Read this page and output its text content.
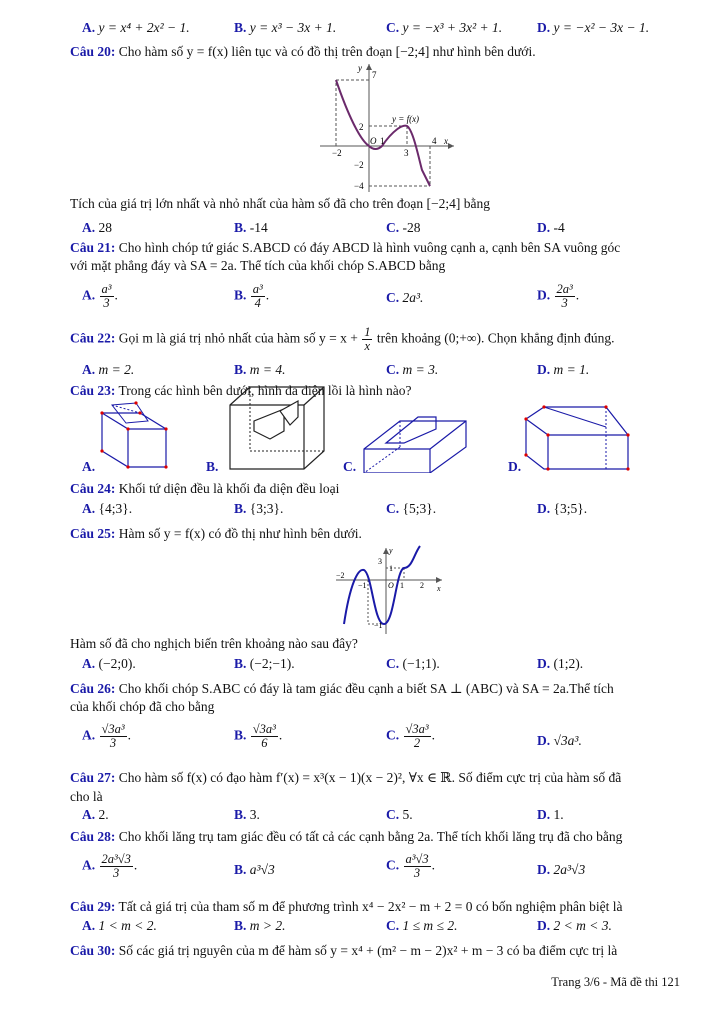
A. y = x⁴ + 2x² − 1.	B. y = x³ − 3x + 1.	C. y = −x³ + 3x² + 1.	D. y = −x² − 3x − 1.
Câu 20: Cho hàm số y = f(x) liên tục và có đồ thị trên đoạn [−2;4] như hình bên dưới.
y
7
2
−2
−4
−2
O 1
3
4 x
y = f(x)
Tích của giá trị lớn nhất và nhỏ nhất của hàm số đã cho trên đoạn [−2;4] bằng
A. 28	B. -14	C. -28	D. -4
Câu 21: Cho hình chóp tứ giác S.ABCD có đáy ABCD là hình vuông cạnh a, cạnh bên SA vuông góc
với mặt phẳng đáy và SA = 2a. Thể tích của khối chóp S.ABCD bằng
A. $\frac{\text{a³}}{3}$ .	B. $\frac{\text{a³}}{4}$ .	C. 2a³.	D. $\frac{\text{2a³}}{3}$ .
Câu 22: Gọi m là giá trị nhỏ nhất của hàm số $y = x + \frac{1}{x}$ trên khoảng (0;+∞). Chọn khẳng định đúng.
A. m = 2.	B. m = 4.	C. m = 3.	D. m = 1.
Câu 23: Trong các hình bên dưới, hình đa diện lồi là hình nào?
A.	B.	C.	D.
Câu 24: Khối tứ diện đều là khối đa diện đều loại
A. {4;3}.	B. {3;3}.	C. {5;3}.	D. {3;5}.
Câu 25: Hàm số y = f(x) có đồ thị như hình bên dưới.
y
3
1
−1
−2
−1	O 1 2 x
Hàm số đã cho nghịch biến trên khoảng nào sau đây?
A. (−2;0).	B. (−2;−1).	C. (−1;1).	D. (1;2).
Câu 26: Cho khối chóp S.ABC có đáy là tam giác đều cạnh a biết SA ⊥ (ABC) và SA = 2a.Thể tích
của khối chóp đã cho bằng
A. $\frac{\text{√3a³}}{3}$ .	B. $\frac{\text{√3a³}}{6}$ .	C. $\frac{\text{√3a³}}{2}$ .	D. √3a³.
Câu 27: Cho hàm số f(x) có đạo hàm f′(x) = x³(x − 1)(x − 2)², ∀x ∈ ℝ. Số điểm cực trị của hàm số đã
cho là
A. 2.	B. 3.	C. 5.	D. 1.
Câu 28: Cho khối lăng trụ tam giác đều có tất cả các cạnh bằng 2a. Thể tích khối lăng trụ đã cho bằng
A. $\frac{\text{2a³√3}}{3}$ .	B. a³√3	C. $\frac{\text{a³√3}}{3}$ .	D. 2a³√3
Câu 29: Tất cả giá trị của tham số m để phương trình x⁴ − 2x² − m + 2 = 0 có bốn nghiệm phân biệt là
A. 1 < m < 2.	B. m > 2.	C. 1 ≤ m ≤ 2.	D. 2 < m < 3.
Câu 30: Số các giá trị nguyên của m để hàm số y = x⁴ + (m² − m − 2)x² + m − 3 có ba điểm cực trị là
Trang 3/6 - Mã đề thi 121
